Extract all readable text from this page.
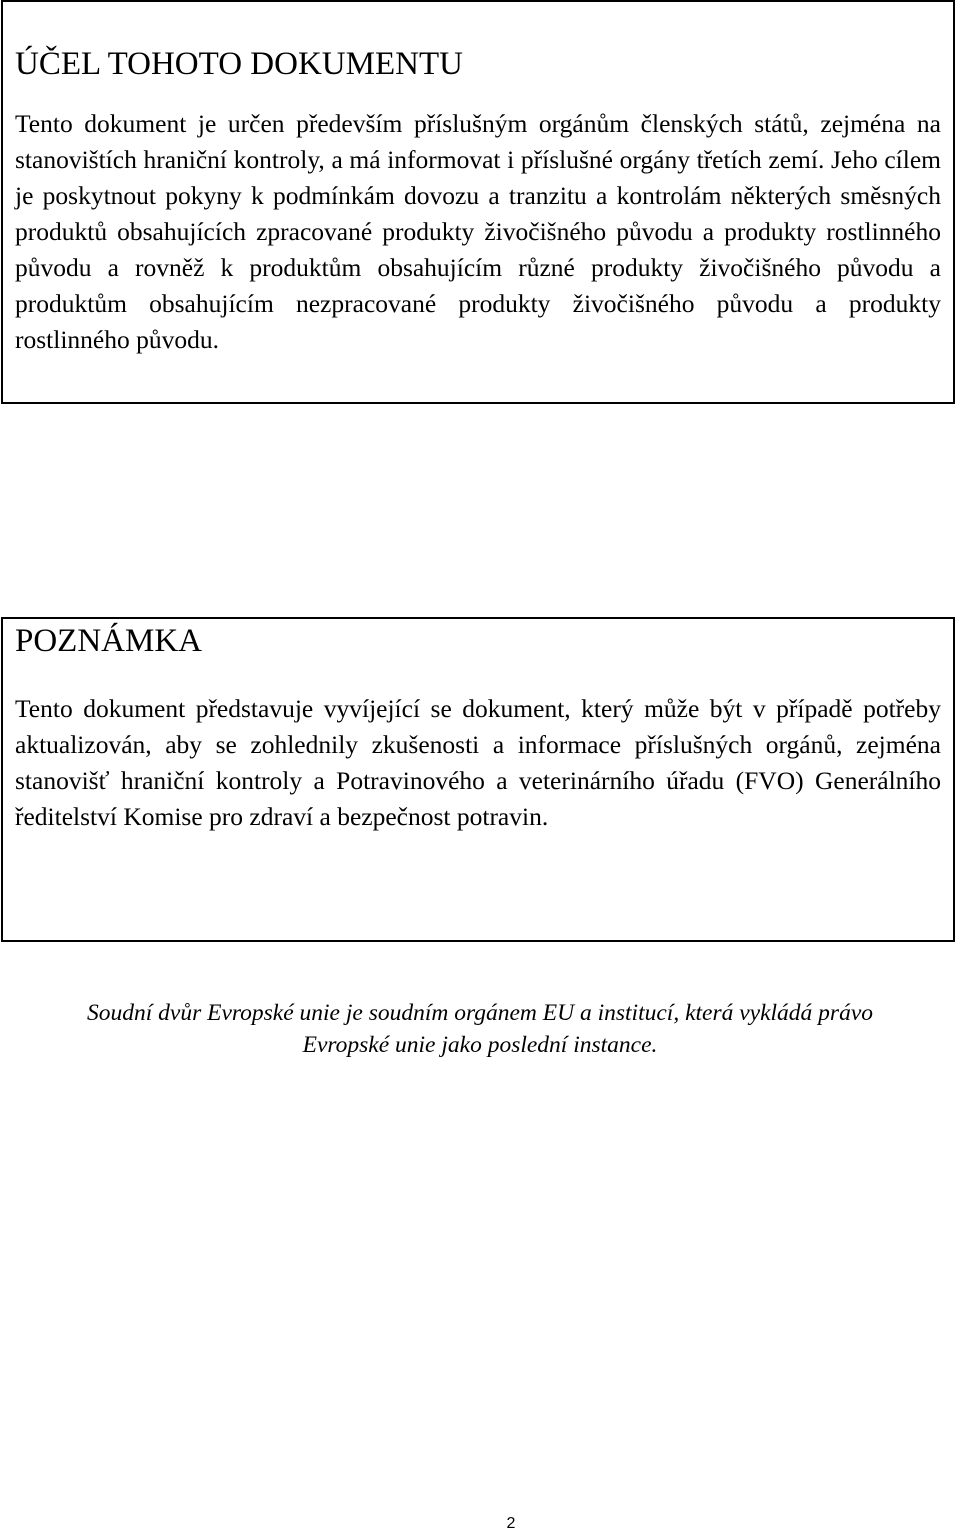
ÚČEL TOHOTO DOKUMENTU

Tento dokument je určen především příslušným orgánům členských států, zejména na stanovištích hraniční kontroly, a má informovat i příslušné orgány třetích zemí. Jeho cílem je poskytnout pokyny k podmínkám dovozu a tranzitu a kontrolám některých směsných produktů obsahujících zpracované produkty živočišného původu a produkty rostlinného původu a rovněž k produktům obsahujícím různé produkty živočišného původu a produktům obsahujícím nezpracované produkty živočišného původu a produkty rostlinného původu.

POZNÁMKA

Tento dokument představuje vyvíjející se dokument, který může být v případě potřeby aktualizován, aby se zohlednily zkušenosti a informace příslušných orgánů, zejména stanovišť hraniční kontroly a Potravinového a veterinárního úřadu (FVO) Generálního ředitelství Komise pro zdraví a bezpečnost potravin.

Soudní dvůr Evropské unie je soudním orgánem EU a institucí, která vykládá právo
Evropské unie jako poslední instance.

2
